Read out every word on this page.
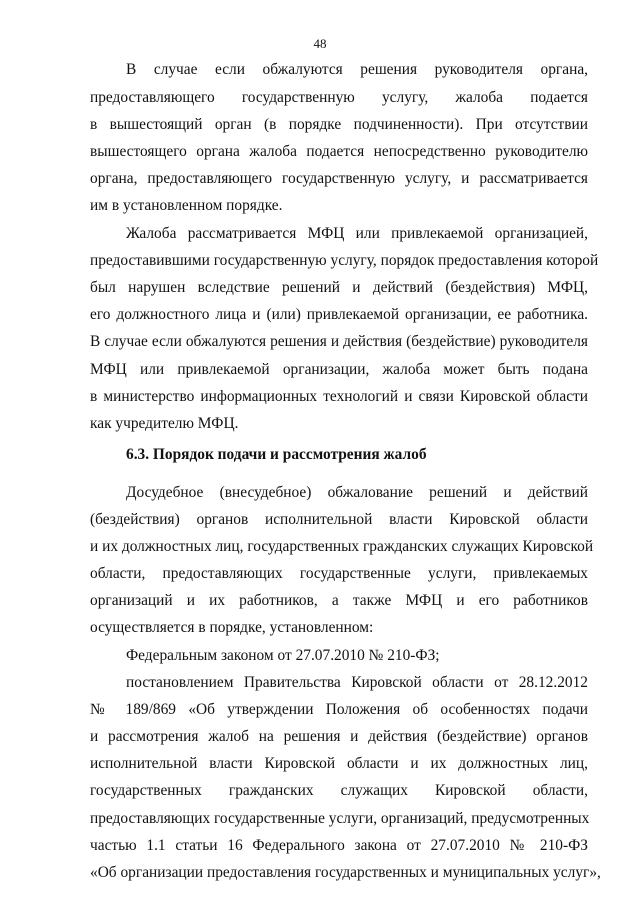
48
В случае если обжалуются решения руководителя органа,
предоставляющего государственную услугу, жалоба подается
в вышестоящий орган (в порядке подчиненности). При отсутствии
вышестоящего органа жалоба подается непосредственно руководителю
органа, предоставляющего государственную услугу, и рассматривается
им в установленном порядке.
Жалоба рассматривается МФЦ или привлекаемой организацией,
предоставившими государственную услугу, порядок предоставления которой
был нарушен вследствие решений и действий (бездействия) МФЦ,
его должностного лица и (или) привлекаемой организации, ее работника.
В случае если обжалуются решения и действия (бездействие) руководителя
МФЦ или привлекаемой организации, жалоба может быть подана
в министерство информационных технологий и связи Кировской области
как учредителю МФЦ.
6.3. Порядок подачи и рассмотрения жалоб
Досудебное (внесудебное) обжалование решений и действий
(бездействия) органов исполнительной власти Кировской области
и их должностных лиц, государственных гражданских служащих Кировской
области, предоставляющих государственные услуги, привлекаемых
организаций и их работников, а также МФЦ и его работников
осуществляется в порядке, установленном:
Федеральным законом от 27.07.2010 № 210-ФЗ;
постановлением Правительства Кировской области от 28.12.2012
№ 189/869 «Об утверждении Положения об особенностях подачи
и рассмотрения жалоб на решения и действия (бездействие) органов
исполнительной власти Кировской области и их должностных лиц,
государственных гражданских служащих Кировской области,
предоставляющих государственные услуги, организаций, предусмотренных
частью 1.1 статьи 16 Федерального закона от 27.07.2010 № 210-ФЗ
«Об организации предоставления государственных и муниципальных услуг»,
